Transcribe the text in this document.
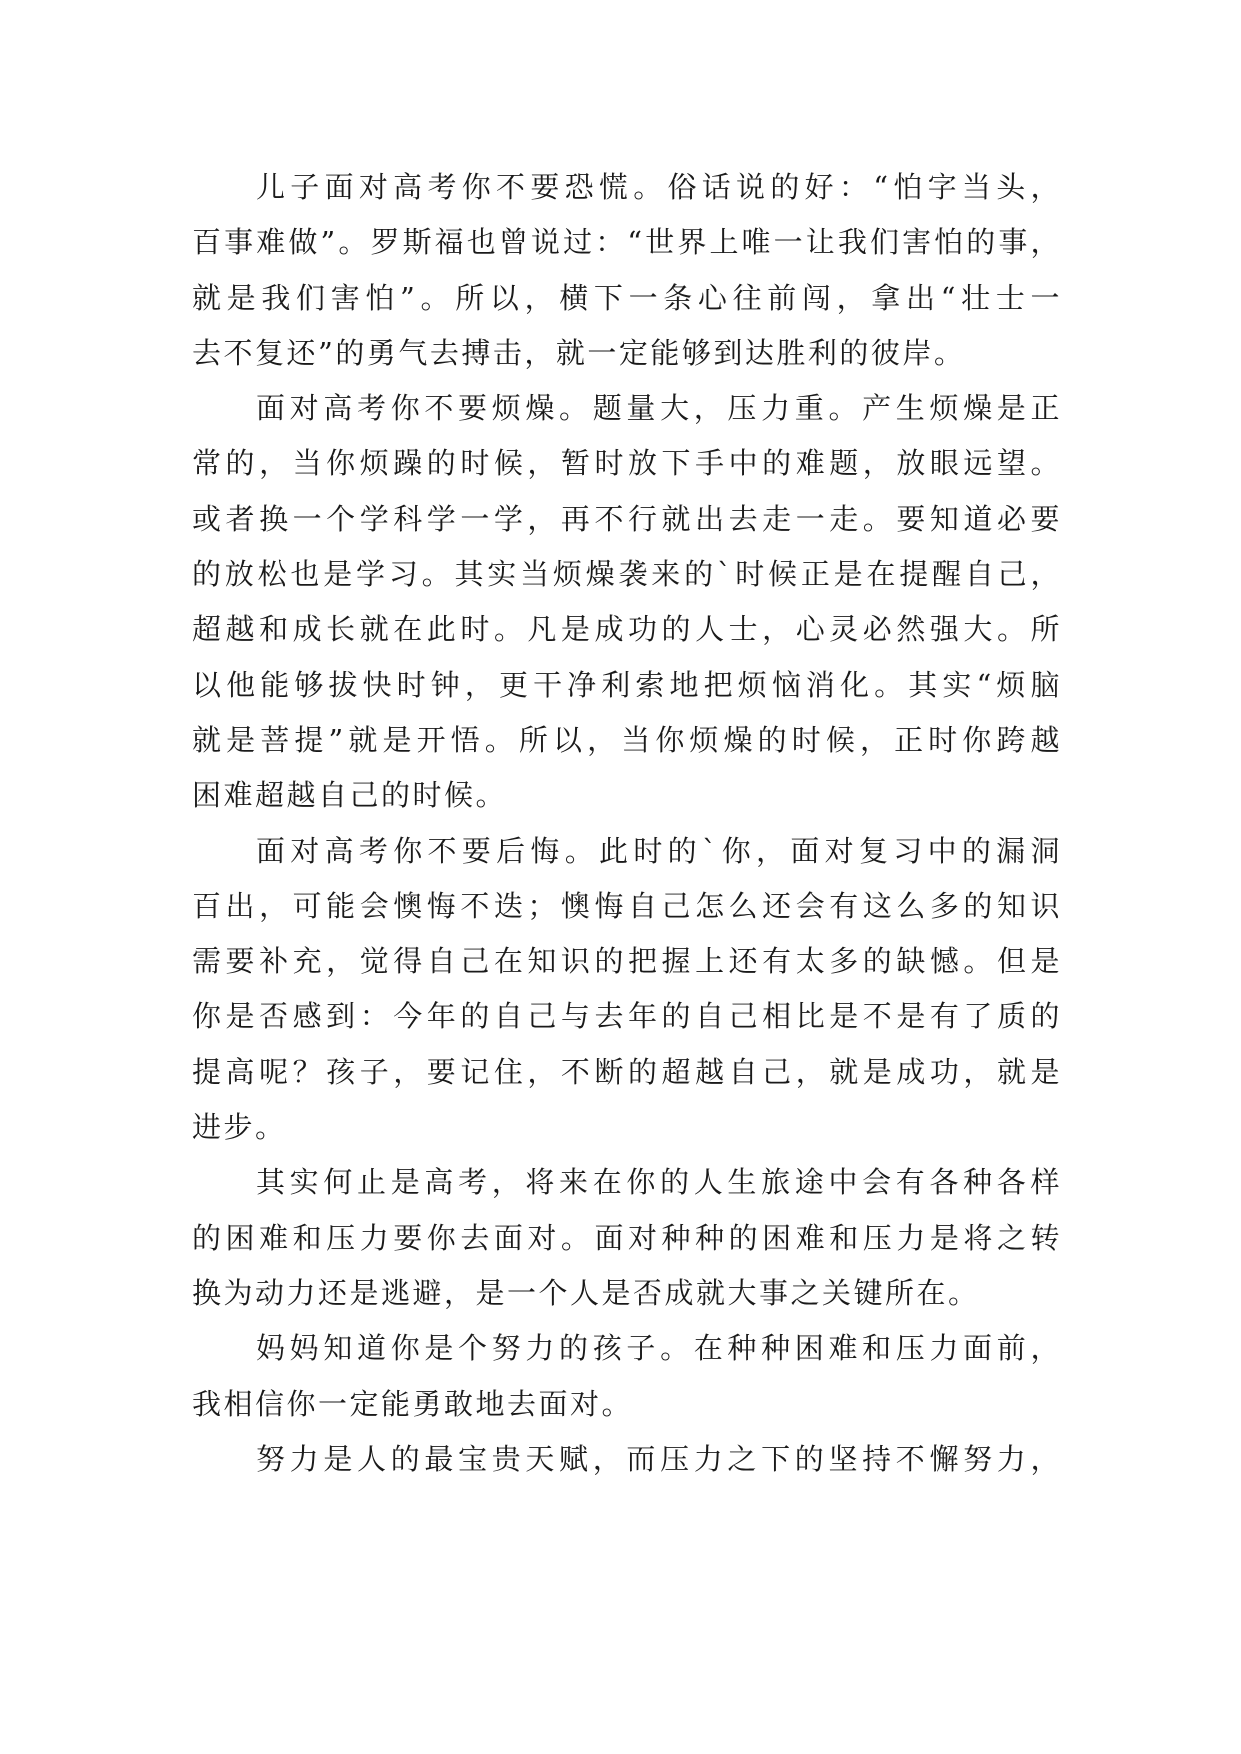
儿子面对高考你不要恐慌。俗话说的好：“怕字当头，
百事难做”。罗斯福也曾说过：“世界上唯一让我们害怕的事，
就是我们害怕”。所以，横下一条心往前闯，拿出“壮士一
去不复还”的勇气去搏击，就一定能够到达胜利的彼岸。
面对高考你不要烦燥。题量大，压力重。产生烦燥是正
常的，当你烦躁的时候，暂时放下手中的难题，放眼远望。
或者换一个学科学一学，再不行就出去走一走。要知道必要
的放松也是学习。其实当烦燥袭来的`时候正是在提醒自己，
超越和成长就在此时。凡是成功的人士，心灵必然强大。所
以他能够拔快时钟，更干净利索地把烦恼消化。其实“烦脑
就是菩提”就是开悟。所以，当你烦燥的时候，正时你跨越
困难超越自己的时候。
面对高考你不要后悔。此时的`你，面对复习中的漏洞
百出，可能会懊悔不迭；懊悔自己怎么还会有这么多的知识
需要补充，觉得自己在知识的把握上还有太多的缺憾。但是
你是否感到：今年的自己与去年的自己相比是不是有了质的
提高呢？孩子，要记住，不断的超越自己，就是成功，就是
进步。
其实何止是高考，将来在你的人生旅途中会有各种各样
的困难和压力要你去面对。面对种种的困难和压力是将之转
换为动力还是逃避，是一个人是否成就大事之关键所在。
妈妈知道你是个努力的孩子。在种种困难和压力面前，
我相信你一定能勇敢地去面对。
努力是人的最宝贵天赋，而压力之下的坚持不懈努力，
